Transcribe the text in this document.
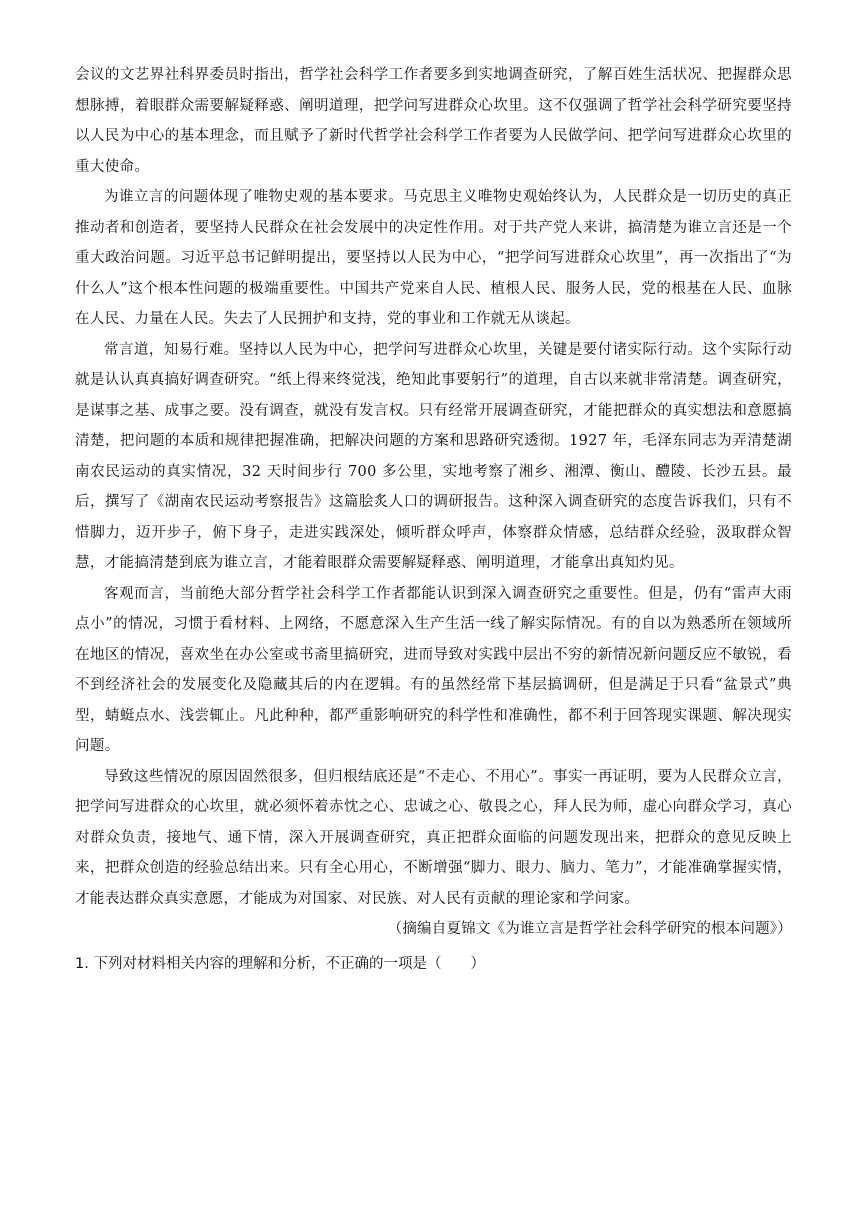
会议的文艺界社科界委员时指出，哲学社会科学工作者要多到实地调查研究，了解百姓生活状况、把握群众思想脉搏，着眼群众需要解疑释惑、阐明道理，把学问写进群众心坎里。这不仅强调了哲学社会科学研究要坚持以人民为中心的基本理念，而且赋予了新时代哲学社会科学工作者要为人民做学问、把学问写进群众心坎里的重大使命。

为谁立言的问题体现了唯物史观的基本要求。马克思主义唯物史观始终认为，人民群众是一切历史的真正推动者和创造者，要坚持人民群众在社会发展中的决定性作用。对于共产党人来讲，搞清楚为谁立言还是一个重大政治问题。习近平总书记鲜明提出，要坚持以人民为中心，“把学问写进群众心坎里”，再一次指出了“为什么人”这个根本性问题的极端重要性。中国共产党来自人民、植根人民、服务人民，党的根基在人民、血脉在人民、力量在人民。失去了人民拥护和支持，党的事业和工作就无从谈起。

常言道，知易行难。坚持以人民为中心，把学问写进群众心坎里，关键是要付诸实际行动。这个实际行动就是认认真真搞好调查研究。“纸上得来终觉浅，绝知此事要躬行”的道理，自古以来就非常清楚。调查研究，是谋事之基、成事之要。没有调查，就没有发言权。只有经常开展调查研究，才能把群众的真实想法和意愿搞清楚，把问题的本质和规律把握准确，把解决问题的方案和思路研究透彻。1927 年，毛泽东同志为弄清楚湖南农民运动的真实情况，32 天时间步行 700 多公里，实地考察了湘乡、湘潭、衡山、醴陵、长沙五县。最后，撰写了《湖南农民运动考察报告》这篇脍炙人口的调研报告。这种深入调查研究的态度告诉我们，只有不惜脚力，迈开步子，俯下身子，走进实践深处，倾听群众呼声，体察群众情感，总结群众经验，汲取群众智慧，才能搞清楚到底为谁立言，才能着眼群众需要解疑释惑、阐明道理，才能拿出真知灼见。

客观而言，当前绝大部分哲学社会科学工作者都能认识到深入调查研究之重要性。但是，仍有“雷声大雨点小”的情况，习惯于看材料、上网络，不愿意深入生产生活一线了解实际情况。有的自以为熟悉所在领域所在地区的情况，喜欢坐在办公室或书斋里搞研究，进而导致对实践中层出不穷的新情况新问题反应不敏锐，看不到经济社会的发展变化及隐藏其后的内在逻辑。有的虽然经常下基层搞调研，但是满足于只看“盆景式”典型，蜻蜓点水、浅尝辄止。凡此种种，都严重影响研究的科学性和准确性，都不利于回答现实课题、解决现实问题。

导致这些情况的原因固然很多，但归根结底还是“不走心、不用心”。事实一再证明，要为人民群众立言，把学问写进群众的心坎里，就必须怀着赤忱之心、忠诚之心、敬畏之心，拜人民为师，虚心向群众学习，真心对群众负责，接地气、通下情，深入开展调查研究，真正把群众面临的问题发现出来，把群众的意见反映上来，把群众创造的经验总结出来。只有全心用心，不断增强“脚力、眼力、脑力、笔力”，才能准确掌握实情，才能表达群众真实意愿，才能成为对国家、对民族、对人民有贡献的理论家和学问家。

（摘编自夏锦文《为谁立言是哲学社会科学研究的根本问题》）

1. 下列对材料相关内容的理解和分析，不正确的一项是（　　）
